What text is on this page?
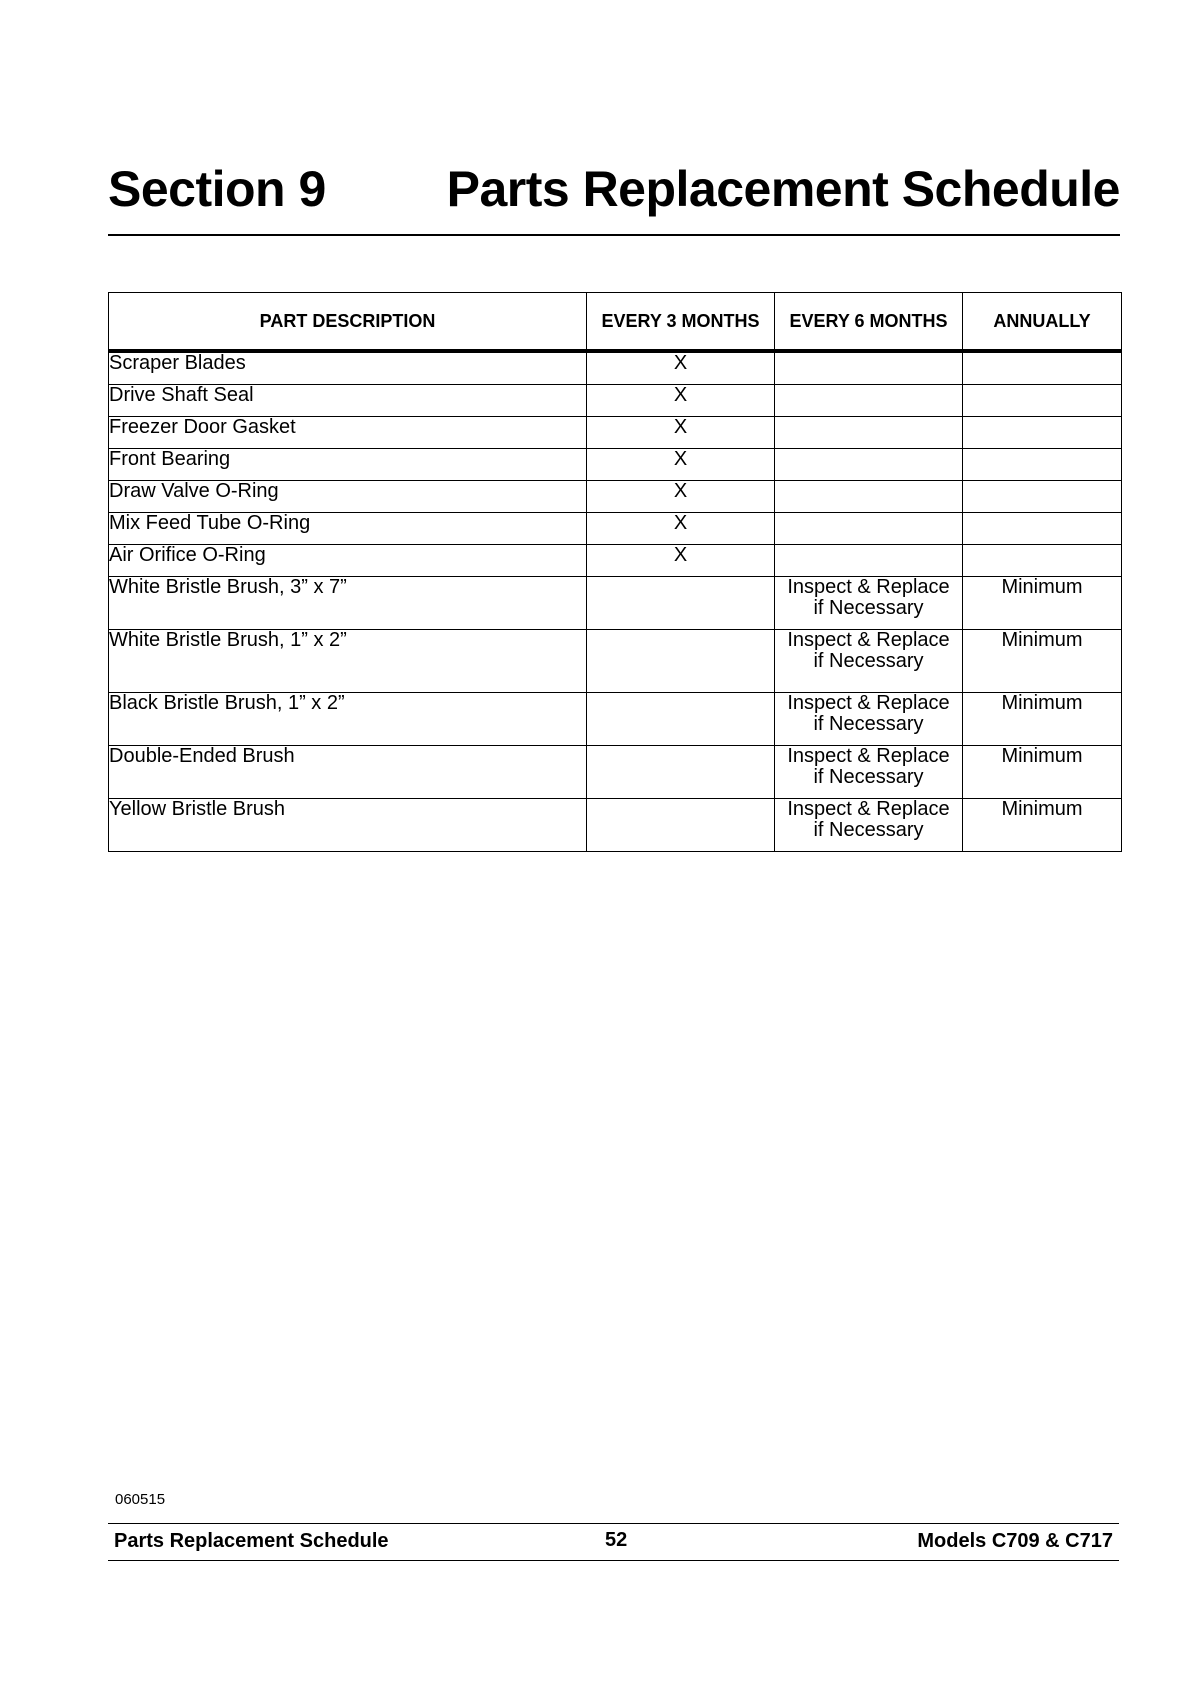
Section 9 Parts Replacement Schedule
PART DESCRIPTION	EVERY 3 MONTHS	EVERY 6 MONTHS	ANNUALLY
Scraper Blades	X	

Drive Shaft Seal	X	

Freezer Door Gasket	X	

Front Bearing	X	

Draw Valve O-Ring	X	

Mix Feed Tube O-Ring	X	

Air Orifice O-Ring	X	

White Bristle Brush, 3” x 7”		Inspect & Replace
if Necessary	Minimum
White Bristle Brush, 1” x 2”		Inspect & Replace
if Necessary	Minimum
Black Bristle Brush, 1” x 2”		Inspect & Replace
if Necessary	Minimum
Double-Ended Brush		Inspect & Replace
if Necessary	Minimum
Yellow Bristle Brush		Inspect & Replace
if Necessary	Minimum
060515
Parts Replacement Schedule	52	Models C709 & C717
